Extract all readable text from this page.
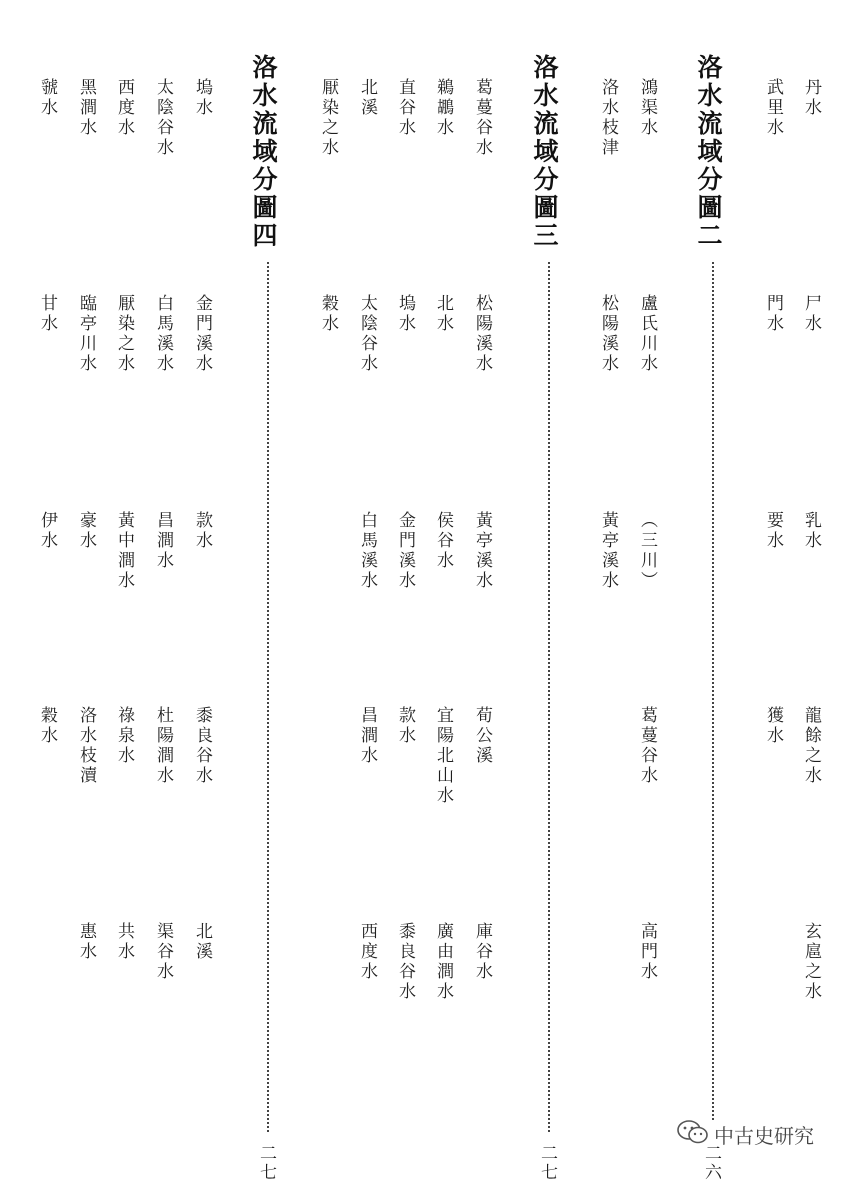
丹水
尸水
乳水
龍餘之水
玄扈之水
武里水
門水
要水
獲水
洛水流域分圖二
二六
鴻渠水
盧氏川水
（三川）
葛蔓谷水
高門水
洛水枝津
松陽溪水
黃亭溪水
洛水流域分圖三
二七
葛蔓谷水
松陽溪水
黃亭溪水
荀公溪
庫谷水
鵜鶘水
北水
侯谷水
宜陽北山水
廣由澗水
直谷水
塢水
金門溪水
款水
黍良谷水
北溪
太陰谷水
白馬溪水
昌澗水
西度水
厭染之水
穀水
洛水流域分圖四
二七
塢水
金門溪水
款水
黍良谷水
北溪
太陰谷水
白馬溪水
昌澗水
杜陽澗水
渠谷水
西度水
厭染之水
黃中澗水
祿泉水
共水
黑澗水
臨亭川水
豪水
洛水枝瀆
惠水
虢水
甘水
伊水
穀水
中古史研究
